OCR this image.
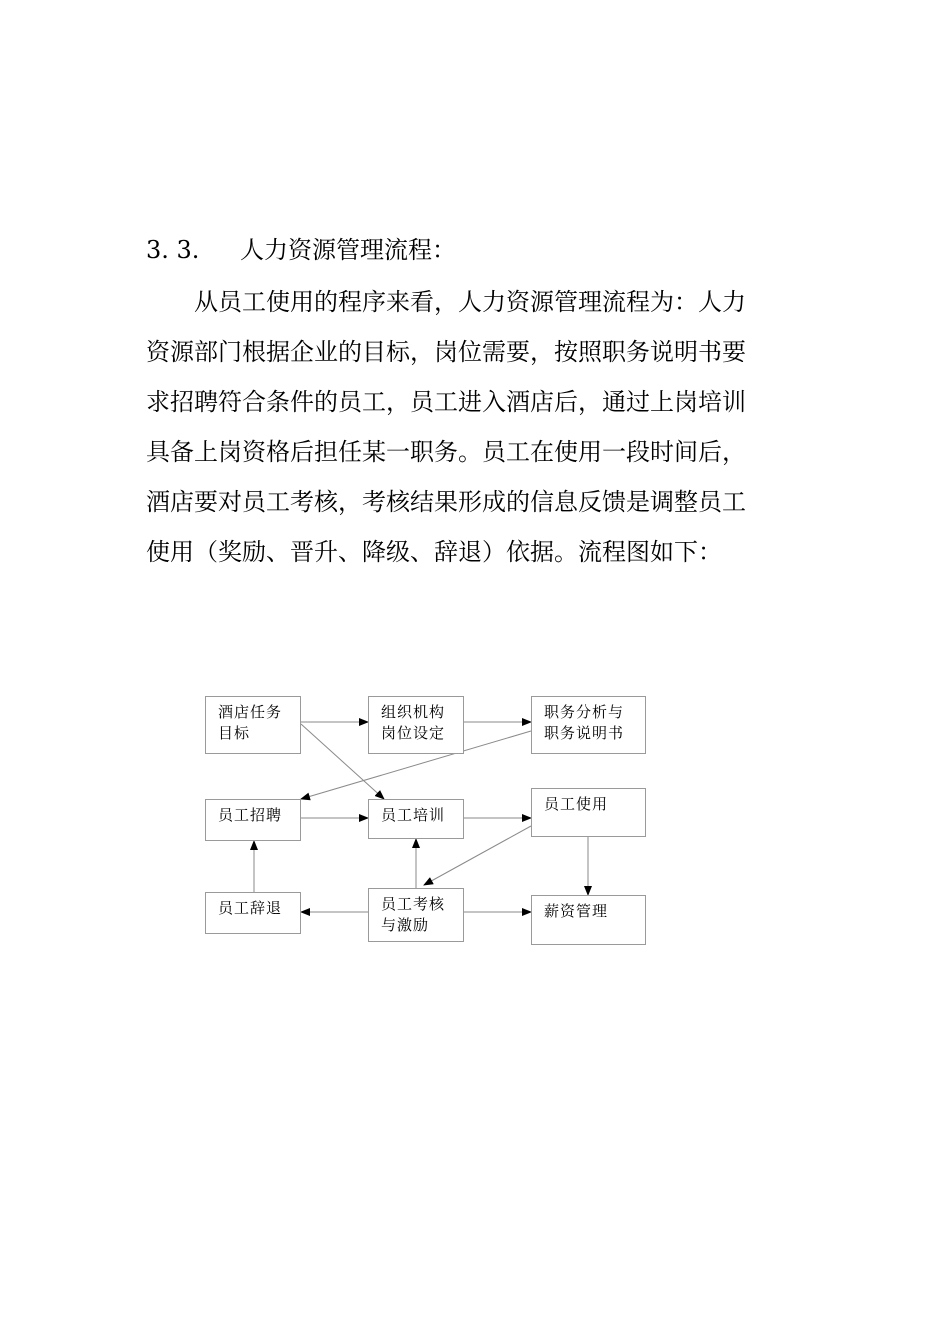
3. 3. 人力资源管理流程：
从员工使用的程序来看，人力资源管理流程为：人力
资源部门根据企业的目标，岗位需要，按照职务说明书要
求招聘符合条件的员工，员工进入酒店后，通过上岗培训
具备上岗资格后担任某一职务。员工在使用一段时间后，
酒店要对员工考核，考核结果形成的信息反馈是调整员工
使用（奖励、晋升、降级、辞退）依据。流程图如下：
酒店任务
目标
组织机构
岗位设定
职务分析与
职务说明书
员工招聘	员工培训
员工使用
员工辞退	员工考核
与激励
薪资管理
